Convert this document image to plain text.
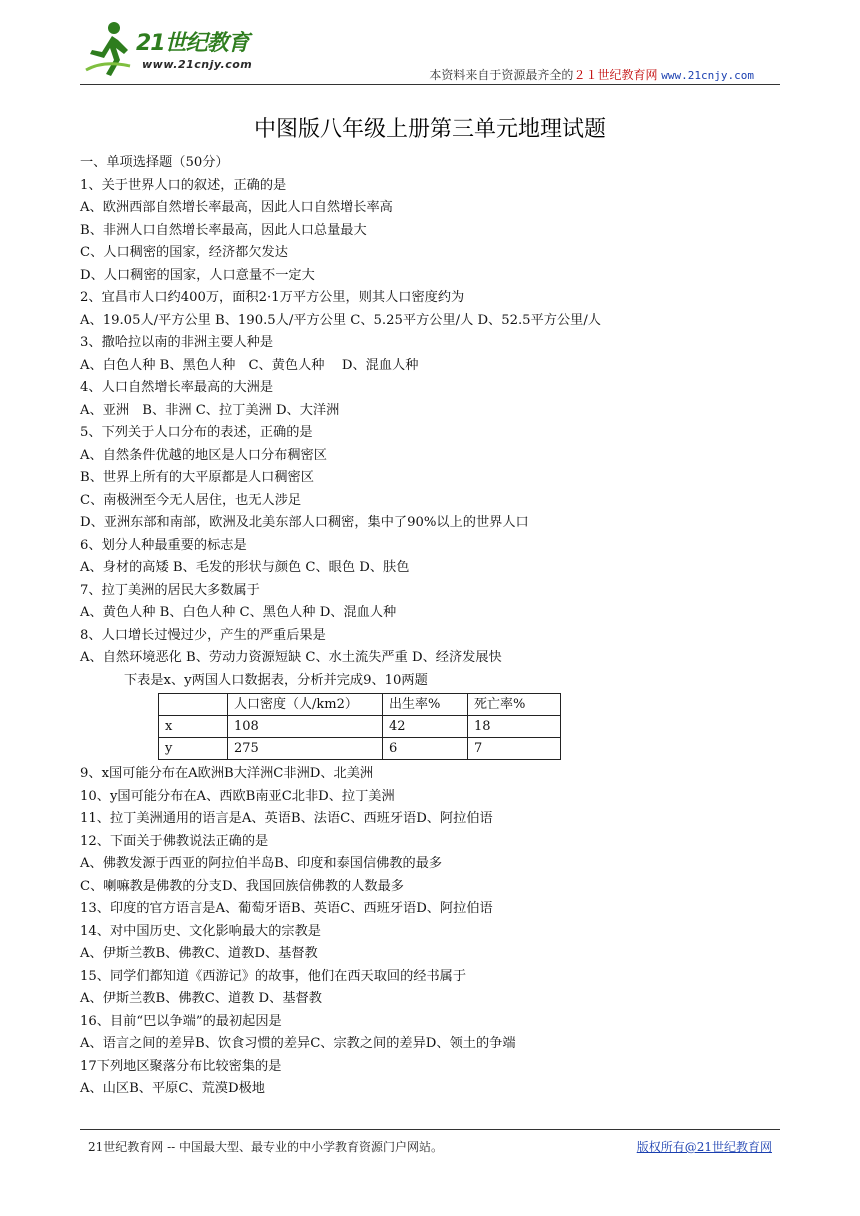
21世纪教育
www.21cnjy.com
本资料来自于资源最齐全的２１世纪教育网 www.21cnjy.com
中图版八年级上册第三单元地理试题
一、单项选择题（50分）
1、关于世界人口的叙述，正确的是
A、欧洲西部自然增长率最高，因此人口自然增长率高
B、非洲人口自然增长率最高，因此人口总量最大
C、人口稠密的国家，经济都欠发达
D、人口稠密的国家，人口意量不一定大
2、宜昌市人口约400万，面积2·1万平方公里，则其人口密度约为
A、19.05人/平方公里 B、190.5人/平方公里 C、5.25平方公里/人 D、52.5平方公里/人
3、撒哈拉以南的非洲主要人种是
A、白色人种 B、黑色人种　C、黄色人种　 D、混血人种
4、人口自然增长率最高的大洲是
A、亚洲　B、非洲 C、拉丁美洲 D、大洋洲
5、下列关于人口分布的表述，正确的是
A、自然条件优越的地区是人口分布稠密区
B、世界上所有的大平原都是人口稠密区
C、南极洲至今无人居住，也无人涉足
D、亚洲东部和南部，欧洲及北美东部人口稠密，集中了90%以上的世界人口
6、划分人种最重要的标志是
A、身材的高矮 B、毛发的形状与颜色 C、眼色 D、肤色
7、拉丁美洲的居民大多数属于
A、黄色人种 B、白色人种 C、黑色人种 D、混血人种
8、人口增长过慢过少，产生的严重后果是
A、自然环境恶化 B、劳动力资源短缺 C、水土流失严重 D、经济发展快
下表是x、y两国人口数据表，分析并完成9、10两题
	人口密度（人/km2）	出生率%	死亡率%
x	108	42	18
y	275	6	7
9、x国可能分布在A欧洲B大洋洲C非洲D、北美洲
10、y国可能分布在A、西欧B南亚C北非D、拉丁美洲
11、拉丁美洲通用的语言是A、英语B、法语C、西班牙语D、阿拉伯语
12、下面关于佛教说法正确的是
A、佛教发源于西亚的阿拉伯半岛B、印度和泰国信佛教的最多
C、喇嘛教是佛教的分支D、我国回族信佛教的人数最多
13、印度的官方语言是A、葡萄牙语B、英语C、西班牙语D、阿拉伯语
14、对中国历史、文化影响最大的宗教是
A、伊斯兰教B、佛教C、道教D、基督教
15、同学们都知道《西游记》的故事，他们在西天取回的经书属于
A、伊斯兰教B、佛教C、道教 D、基督教
16、目前“巴以争端”的最初起因是
A、语言之间的差异B、饮食习惯的差异C、宗教之间的差异D、领土的争端
17下列地区聚落分布比较密集的是
A、山区B、平原C、荒漠D极地
21世纪教育网 -- 中国最大型、最专业的中小学教育资源门户网站。	版权所有@21世纪教育网
